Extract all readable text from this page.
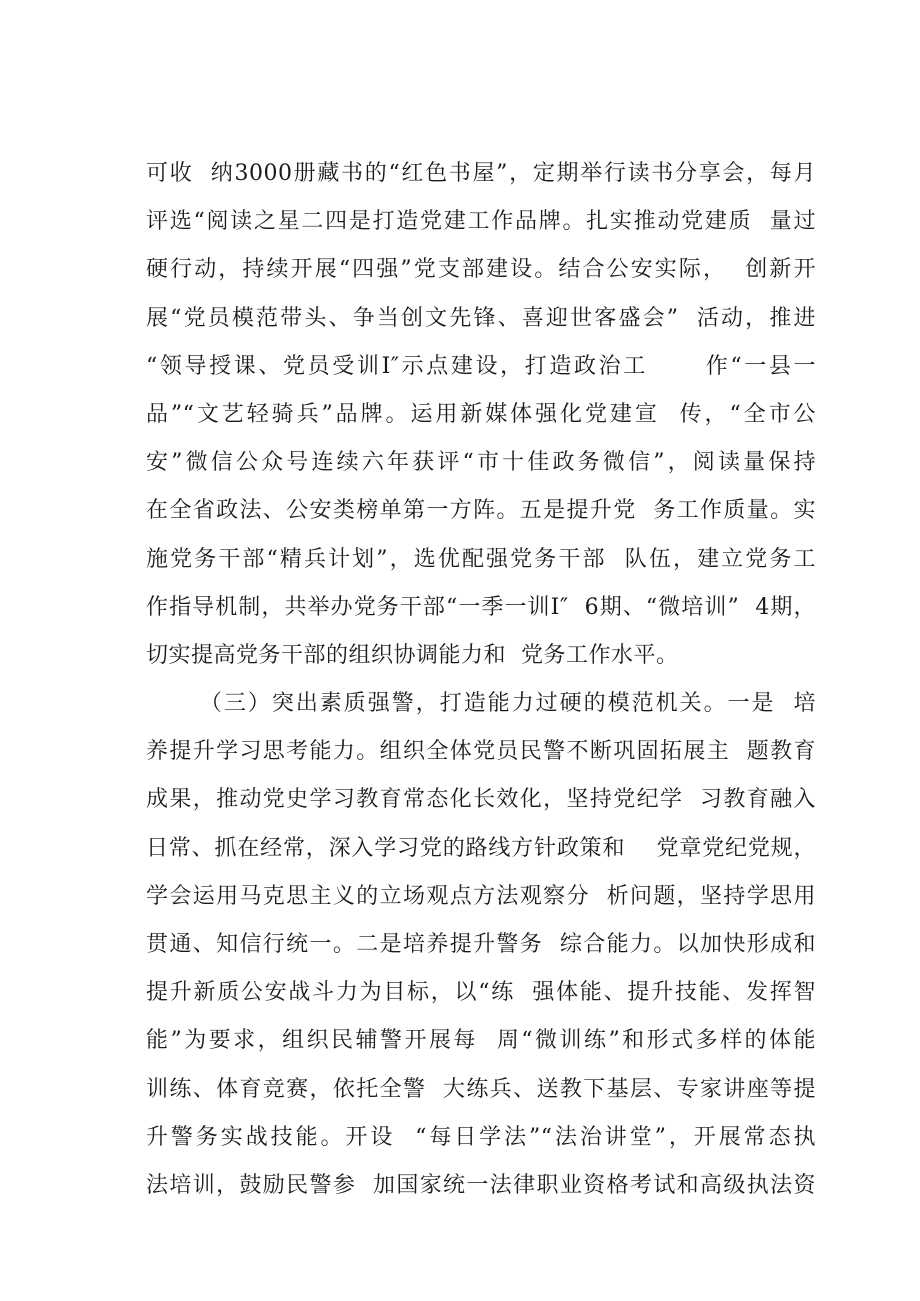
可收  纳3000册藏书的“红色书屋”，定期举行读书分享会，每月
评选“阅读之星二四是打造党建工作品牌。扎实推动党建质  量过
硬行动，持续开展“四强”党支部建设。结合公安实际，  创新开
展“党员模范带头、争当创文先锋、喜迎世客盛会”  活动，推进
“领导授课、党员受训I″示点建设，打造政治工      作“一县一
品”“文艺轻骑兵”品牌。运用新媒体强化党建宣  传，“全市公
安”微信公众号连续六年获评“市十佳政务微信”，阅读量保持
在全省政法、公安类榜单第一方阵。五是提升党  务工作质量。实
施党务干部“精兵计划”，选优配强党务干部  队伍，建立党务工
作指导机制，共举办党务干部“一季一训I″  6期、“微培训”  4期，
切实提高党务干部的组织协调能力和  党务工作水平。
（三）突出素质强警，打造能力过硬的模范机关。一是  培
养提升学习思考能力。组织全体党员民警不断巩固拓展主  题教育
成果，推动党史学习教育常态化长效化，坚持党纪学  习教育融入
日常、抓在经常，深入学习党的路线方针政策和    党章党纪党规，
学会运用马克思主义的立场观点方法观察分  析问题，坚持学思用
贯通、知信行统一。二是培养提升警务  综合能力。以加快形成和
提升新质公安战斗力为目标，以“练  强体能、提升技能、发挥智
能”为要求，组织民辅警开展每  周“微训练”和形式多样的体能
训练、体育竞赛，依托全警  大练兵、送教下基层、专家讲座等提
升警务实战技能。开设  “每日学法”“法治讲堂”，开展常态执
法培训，鼓励民警参  加国家统一法律职业资格考试和高级执法资
